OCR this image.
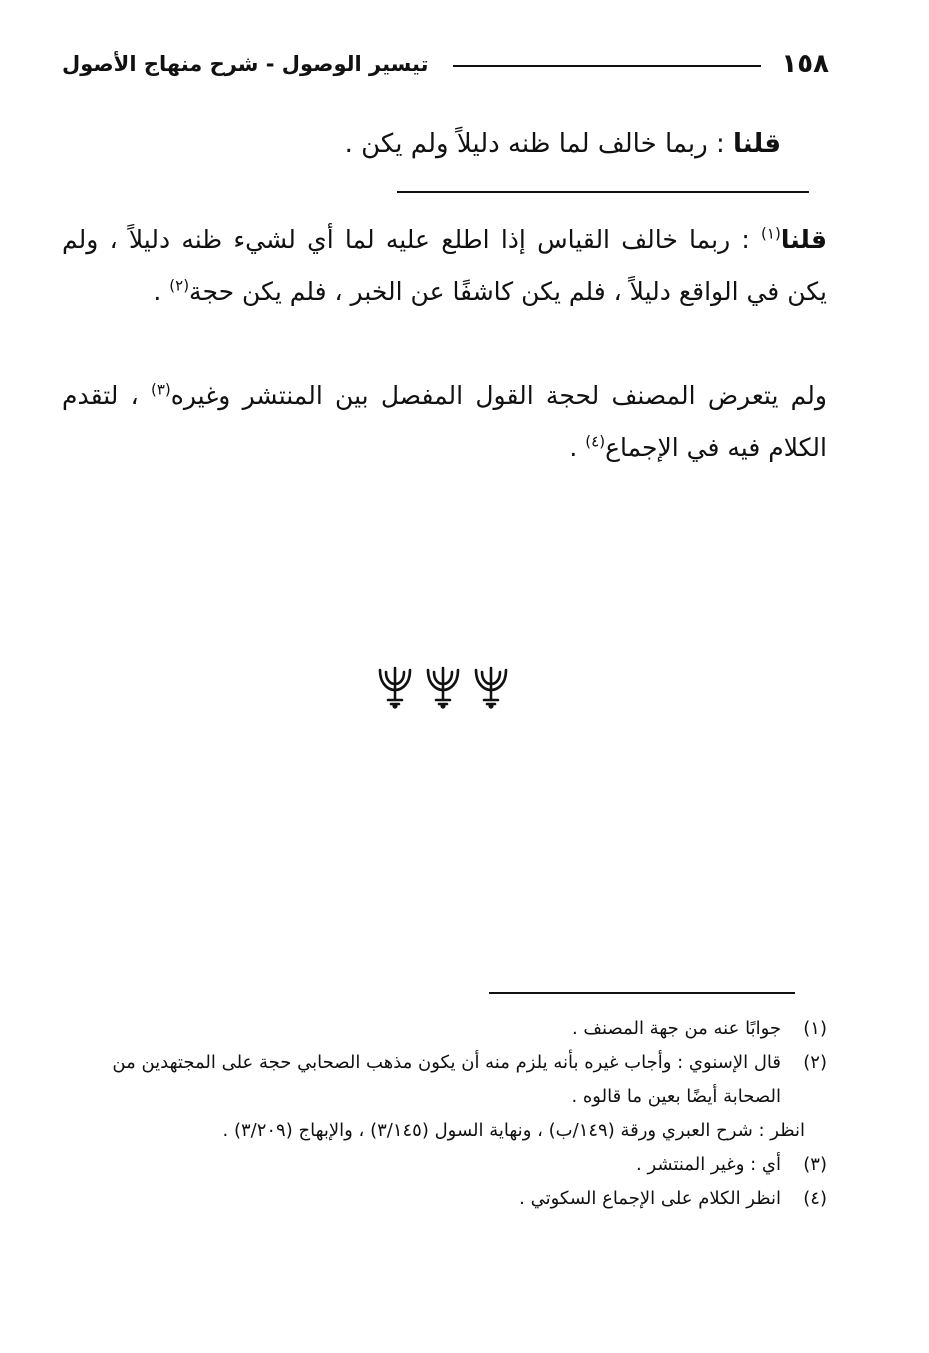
١٥٨
تيسير الوصول - شرح منهاج الأصول
قلنا : ربما خالف لما ظنه دليلاً ولم يكن .
قلنا$^{(١)}$ : ربما خالف القياس إذا اطلع عليه لما أي لشيء ظنه دليلاً ، ولم يكن في الواقع دليلاً ، فلم يكن كاشفًا عن الخبر ، فلم يكن حجة$^{(٢)}$ .
ولم يتعرض المصنف لحجة القول المفصل بين المنتشر وغيره$^{(٣)}$ ، لتقدم الكلام فيه في الإجماع$^{(٤)}$ .
(١)
جوابًا عنه من جهة المصنف .
(٢)
قال الإسنوي : وأجاب غيره بأنه يلزم منه أن يكون مذهب الصحابي حجة على المجتهدين من الصحابة أيضًا بعين ما قالوه .
انظر : شرح العبري ورقة (١٤٩/ب) ، ونهاية السول (٣/١٤٥) ، والإبهاج (٣/٢٠٩) .
(٣)
أي : وغير المنتشر .
(٤)
انظر الكلام على الإجماع السكوتي .
